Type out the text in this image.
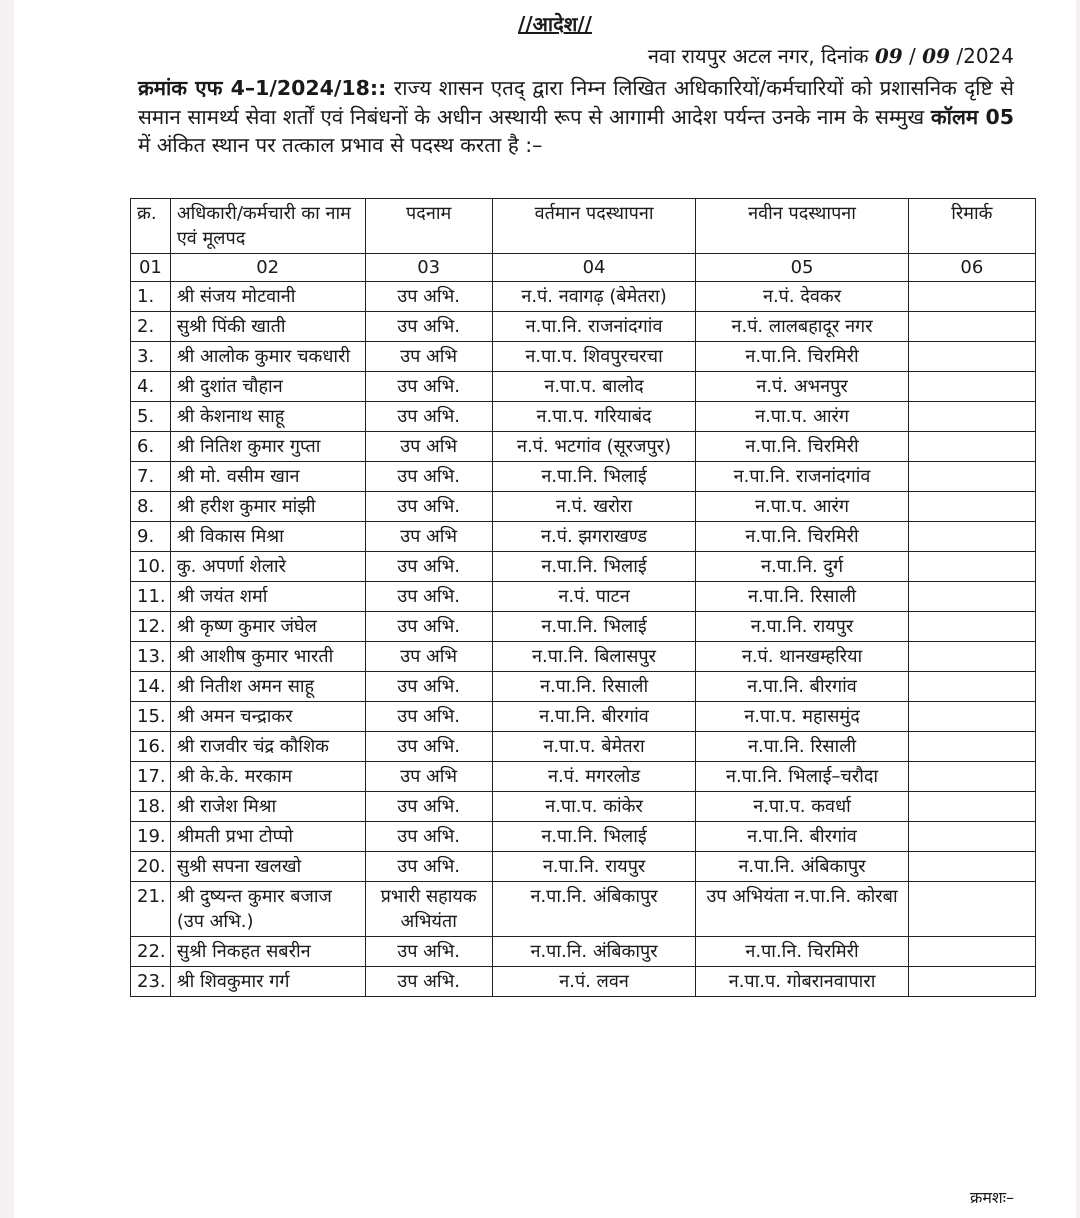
//आदेश//
नवा रायपुर अटल नगर, दिनांक 09 / 09 /2024
क्रमांक एफ 4–1/2024/18:: राज्य शासन एतद् द्वारा निम्न लिखित अधिकारियों/कर्मचारियों को प्रशासनिक दृष्टि से समान सामर्थ्य सेवा शर्तों एवं निबंधनों के अधीन अस्थायी रूप से आगामी आदेश पर्यन्त उनके नाम के सम्मुख कॉलम 05 में अंकित स्थान पर तत्काल प्रभाव से पदस्थ करता है :–
क्र.	अधिकारी/कर्मचारी का नाम एवं मूलपद	पदनाम	वर्तमान पदस्थापना	नवीन पदस्थापना	रिमार्क
01	02	03	04	05	06
1.	श्री संजय मोटवानी	उप अभि.	न.पं. नवागढ़ (बेमेतरा)	न.पं. देवकर	
2.	सुश्री पिंकी खाती	उप अभि.	न.पा.नि. राजनांदगांव	न.पं. लालबहादूर नगर	
3.	श्री आलोक कुमार चकधारी	उप अभि	न.पा.प. शिवपुरचरचा	न.पा.नि. चिरमिरी	
4.	श्री दुशांत चौहान	उप अभि.	न.पा.प. बालोद	न.पं. अभनपुर	
5.	श्री केशनाथ साहू	उप अभि.	न.पा.प. गरियाबंद	न.पा.प. आरंग	
6.	श्री नितिश कुमार गुप्ता	उप अभि	न.पं. भटगांव (सूरजपुर)	न.पा.नि. चिरमिरी	
7.	श्री मो. वसीम खान	उप अभि.	न.पा.नि. भिलाई	न.पा.नि. राजनांदगांव	
8.	श्री हरीश कुमार मांझी	उप अभि.	न.पं. खरोरा	न.पा.प. आरंग	
9.	श्री विकास मिश्रा	उप अभि	न.पं. झगराखण्ड	न.पा.नि. चिरमिरी	
10.	कु. अपर्णा शेलारे	उप अभि.	न.पा.नि. भिलाई	न.पा.नि. दुर्ग	
11.	श्री जयंत शर्मा	उप अभि.	न.पं. पाटन	न.पा.नि. रिसाली	
12.	श्री कृष्ण कुमार जंघेल	उप अभि.	न.पा.नि. भिलाई	न.पा.नि. रायपुर	
13.	श्री आशीष कुमार भारती	उप अभि	न.पा.नि. बिलासपुर	न.पं. थानखम्हरिया	
14.	श्री नितीश अमन साहू	उप अभि.	न.पा.नि. रिसाली	न.पा.नि. बीरगांव	
15.	श्री अमन चन्द्राकर	उप अभि.	न.पा.नि. बीरगांव	न.पा.प. महासमुंद	
16.	श्री राजवीर चंद्र कौशिक	उप अभि.	न.पा.प. बेमेतरा	न.पा.नि. रिसाली	
17.	श्री के.के. मरकाम	उप अभि	न.पं. मगरलोड	न.पा.नि. भिलाई–चरौदा	
18.	श्री राजेश मिश्रा	उप अभि.	न.पा.प. कांकेर	न.पा.प. कवर्धा	
19.	श्रीमती प्रभा टोप्पो	उप अभि.	न.पा.नि. भिलाई	न.पा.नि. बीरगांव	
20.	सुश्री सपना खलखो	उप अभि.	न.पा.नि. रायपुर	न.पा.नि. अंबिकापुर	
21.	श्री दुष्यन्त कुमार बजाज (उप अभि.)	प्रभारी सहायक अभियंता	न.पा.नि. अंबिकापुर	उप अभियंता न.पा.नि. कोरबा	
22.	सुश्री निकहत सबरीन	उप अभि.	न.पा.नि. अंबिकापुर	न.पा.नि. चिरमिरी	
23.	श्री शिवकुमार गर्ग	उप अभि.	न.पं. लवन	न.पा.प. गोबरानवापारा	
क्रमशः–
